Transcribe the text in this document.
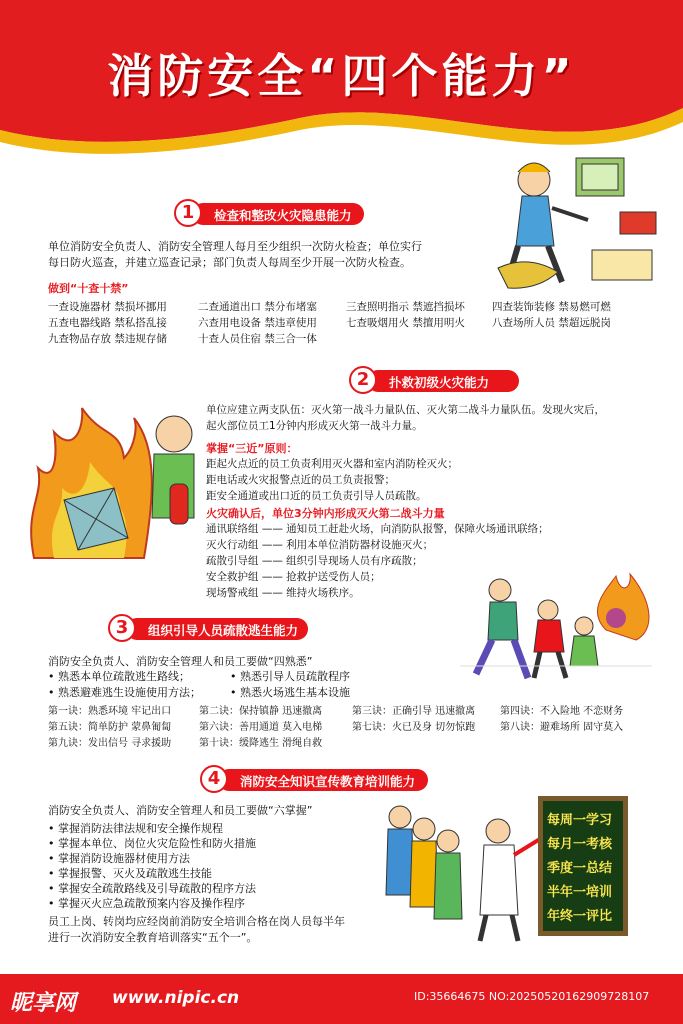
消防安全“四个能力”
1	检查和整改火灾隐患能力
单位消防安全负责人、消防安全管理人每月至少组织一次防火检查；单位实行
每日防火巡查，并建立巡查记录；部门负责人每周至少开展一次防火检查。
做到“十查十禁”
一查设施器材 禁损坏挪用	二查通道出口 禁分布堵塞	三查照明指示 禁遮挡损坏	四查装饰装修 禁易燃可燃
五查电器线路 禁私搭乱接	六查用电设备 禁违章使用	七查吸烟用火 禁擅用明火	八查场所人员 禁超远脱岗
九查物品存放 禁违规存储	十查人员住宿 禁三合一体
2	扑救初级火灾能力
单位应建立两支队伍：灭火第一战斗力量队伍、灭火第二战斗力量队伍。发现火灾后，
起火部位员工1分钟内形成灭火第一战斗力量。
掌握“三近”原则：
距起火点近的员工负责利用灭火器和室内消防栓灭火；
距电话或火灾报警点近的员工负责报警；
距安全通道或出口近的员工负责引导人员疏散。
火灾确认后，单位3分钟内形成灭火第二战斗力量
通讯联络组 —— 通知员工赶赴火场，向消防队报警，保障火场通讯联络；
灭火行动组 —— 利用本单位消防器材设施灭火；
疏散引导组 —— 组织引导现场人员有序疏散；
安全救护组 —— 抢救护送受伤人员；
现场警戒组 —— 维持火场秩序。
3	组织引导人员疏散逃生能力
消防安全负责人、消防安全管理人和员工要做“四熟悉”
• 熟悉本单位疏散逃生路线；	• 熟悉引导人员疏散程序
• 熟悉避难逃生设施使用方法；	• 熟悉火场逃生基本设施
第一诀：熟悉环境 牢记出口	第二诀：保持镇静 迅速撤离	第三诀：正确引导 迅速撤离 第四诀：不入险地 不恋财务
第五诀：简单防护 蒙鼻匍匐	第六诀：善用通道 莫入电梯	第七诀：火已及身 切勿惊跑 第八诀：避难场所 固守莫入
第九诀：发出信号 寻求援助	第十诀：缓降逃生 滑绳自救
4	消防安全知识宣传教育培训能力
消防安全负责人、消防安全管理人和员工要做“六掌握”
• 掌握消防法律法规和安全操作规程
• 掌握本单位、岗位火灾危险性和防火措施
• 掌握消防设施器材使用方法
• 掌握报警、灭火及疏散逃生技能
• 掌握安全疏散路线及引导疏散的程序方法
• 掌握灭火应急疏散预案内容及操作程序
员工上岗、转岗均应经岗前消防安全培训合格在岗人员每半年
进行一次消防安全教育培训落实“五个一”。
每周一学习
每月一考核
季度一总结
半年一培训
年终一评比
昵享网 www.nipic.cn	ID:35664675 NO:20250520162909728107
